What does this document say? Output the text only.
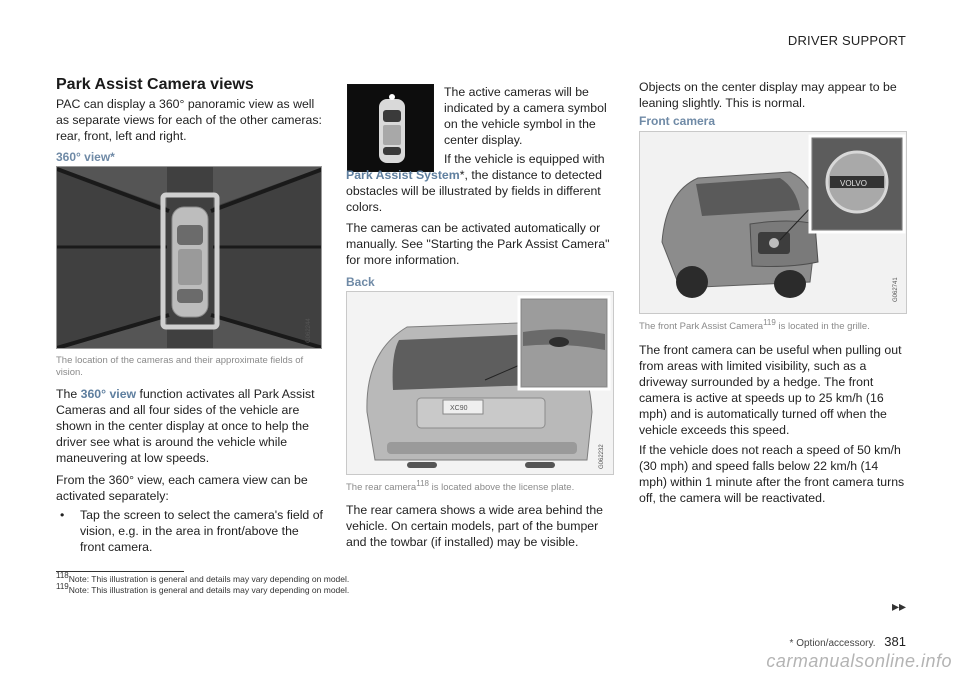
DRIVER SUPPORT
Park Assist Camera views

PAC can display a 360° panoramic view as well as separate views for each of the other cameras: rear, front, left and right.

360° view*
G062244
The location of the cameras and their approximate fields of vision.

The 360° view function activates all Park Assist Cameras and all four sides of the vehicle are shown in the center display at once to help the driver see what is around the vehicle while maneuvering at low speeds.

From the 360° view, each camera view can be activated separately:

•	Tap the screen to select the camera's field of vision, e.g. in the area in front/above the front camera.

The active cameras will be indicated by a camera symbol on the vehicle symbol in the center display.

If the vehicle is equipped with Park Assist System*, the distance to detected obstacles will be illustrated by fields in different colors.

The cameras can be activated automatically or manually. See "Starting the Park Assist Camera" for more information.

Back
XC90
G062232
The rear camera$^{118}$ is located above the license plate.

The rear camera shows a wide area behind the vehicle. On certain models, part of the bumper and the towbar (if installed) may be visible.

Objects on the center display may appear to be leaning slightly. This is normal.

Front camera
VOLVO
G062741
The front Park Assist Camera$^{119}$ is located in the grille.

The front camera can be useful when pulling out from areas with limited visibility, such as a driveway surrounded by a hedge. The front camera is active at speeds up to 25 km/h (16 mph) and is automatically turned off when the vehicle exceeds this speed.

If the vehicle does not reach a speed of 50 km/h (30 mph) and speed falls below 22 km/h (14 mph) within 1 minute after the front camera turns off, the camera will be reactivated.

$^{118}$Note: This illustration is general and details may vary depending on model.
$^{119}$Note: This illustration is general and details may vary depending on model.
▸▸
* Option/accessory. 381
carmanualsonline.info
